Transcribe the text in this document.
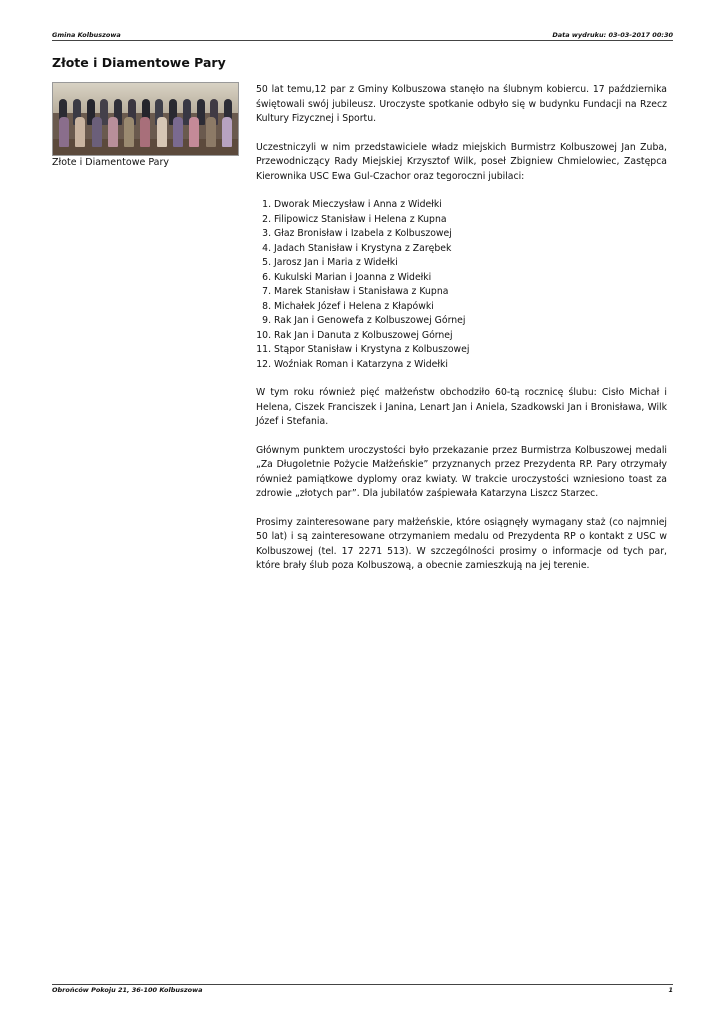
Gmina Kolbuszowa	Data wydruku: 03-03-2017 00:30
Złote i Diamentowe Pary
Złote i Diamentowe Pary

50 lat temu,12 par z Gminy Kolbuszowa stanęło na ślubnym kobiercu. 17 października świętowali swój jubileusz. Uroczyste spotkanie odbyło się w budynku Fundacji na Rzecz Kultury Fizycznej i Sportu.

Uczestniczyli w nim przedstawiciele władz miejskich Burmistrz Kolbuszowej Jan Zuba, Przewodniczący Rady Miejskiej Krzysztof Wilk, poseł Zbigniew Chmielowiec, Zastępca Kierownika USC Ewa Gul-Czachor oraz tegoroczni jubilaci:

1. Dworak Mieczysław i Anna z Widełki
2. Filipowicz Stanisław i Helena z Kupna
3. Głaz Bronisław i Izabela z Kolbuszowej
4. Jadach Stanisław i Krystyna z Zarębek
5. Jarosz Jan i Maria z Widełki
6. Kukulski Marian i Joanna z Widełki
7. Marek Stanisław i Stanisława z Kupna
8. Michałek Józef i Helena z Kłapówki
9. Rak Jan i Genowefa z Kolbuszowej Górnej
10. Rak Jan i Danuta z Kolbuszowej Górnej
11. Stąpor Stanisław i Krystyna z Kolbuszowej
12. Woźniak Roman i Katarzyna z Widełki

W tym roku również pięć małżeństw obchodziło 60-tą rocznicę ślubu: Cisło Michał i Helena, Ciszek Franciszek i Janina, Lenart Jan i Aniela, Szadkowski Jan i Bronisława, Wilk Józef i Stefania.

Głównym punktem uroczystości było przekazanie przez Burmistrza Kolbuszowej medali „Za Długoletnie Pożycie Małżeńskie” przyznanych przez Prezydenta RP. Pary otrzymały również pamiątkowe dyplomy oraz kwiaty. W trakcie uroczystości wzniesiono toast za zdrowie „złotych par”. Dla jubilatów zaśpiewała Katarzyna Liszcz Starzec.

Prosimy zainteresowane pary małżeńskie, które osiągnęły wymagany staż (co najmniej 50 lat) i są zainteresowane otrzymaniem medalu od Prezydenta RP o kontakt z USC w Kolbuszowej (tel. 17 2271 513). W szczególności prosimy o informacje od tych par, które brały ślub poza Kolbuszową, a obecnie zamieszkują na jej terenie.

Obrońców Pokoju 21, 36-100 Kolbuszowa	1
